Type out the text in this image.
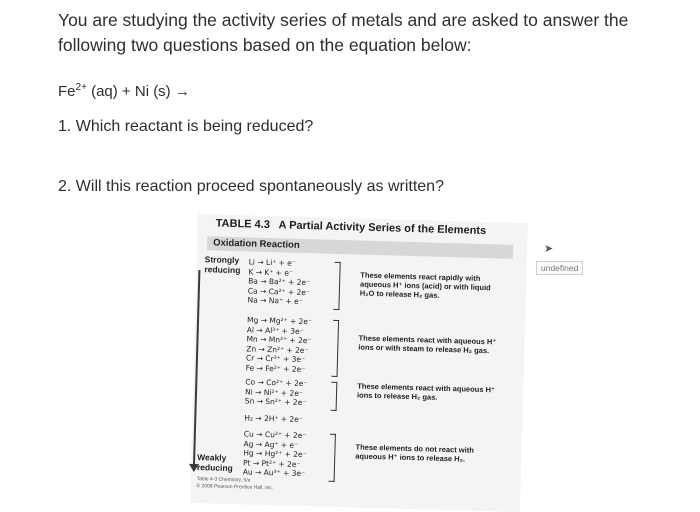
You are studying the activity series of metals and are asked to answer the following two questions based on the equation below:
$Fe^{2+}$ (aq) + Ni (s) →
1. Which reactant is being reduced?
2. Will this reaction proceed spontaneously as written?
TABLE 4.3 A Partial Activity Series of the Elements
Oxidation Reaction
Strongly
reducing
Li → Li⁺ + e⁻
K → K⁺ + e⁻
Ba → Ba²⁺ + 2e⁻
Ca → Ca²⁺ + 2e⁻
Na → Na⁺ + e⁻
These elements react rapidly with aqueous H⁺ ions (acid) or with liquid H₂O to release H₂ gas.
Mg → Mg²⁺ + 2e⁻
Al → Al³⁺ + 3e⁻
Mn → Mn²⁺ + 2e⁻
Zn → Zn²⁺ + 2e⁻
Cr → Cr³⁺ + 3e⁻
Fe → Fe²⁺ + 2e⁻
These elements react with aqueous H⁺ ions or with steam to release H₂ gas.
Co → Co²⁺ + 2e⁻
Ni → Ni²⁺ + 2e⁻
Sn → Sn²⁺ + 2e⁻
These elements react with aqueous H⁺ ions to release H₂ gas.
H₂ → 2H⁺ + 2e⁻
Cu → Cu²⁺ + 2e⁻
Ag → Ag⁺ + e⁻
Hg → Hg²⁺ + 2e⁻
Pt → Pt²⁺ + 2e⁻
Au → Au³⁺ + 3e⁻
These elements do not react with aqueous H⁺ ions to release H₂.
Weakly
reducing
Table 4-3 Chemistry, 5/e
© 2008 Pearson Prentice Hall, Inc.
➤
undefined
